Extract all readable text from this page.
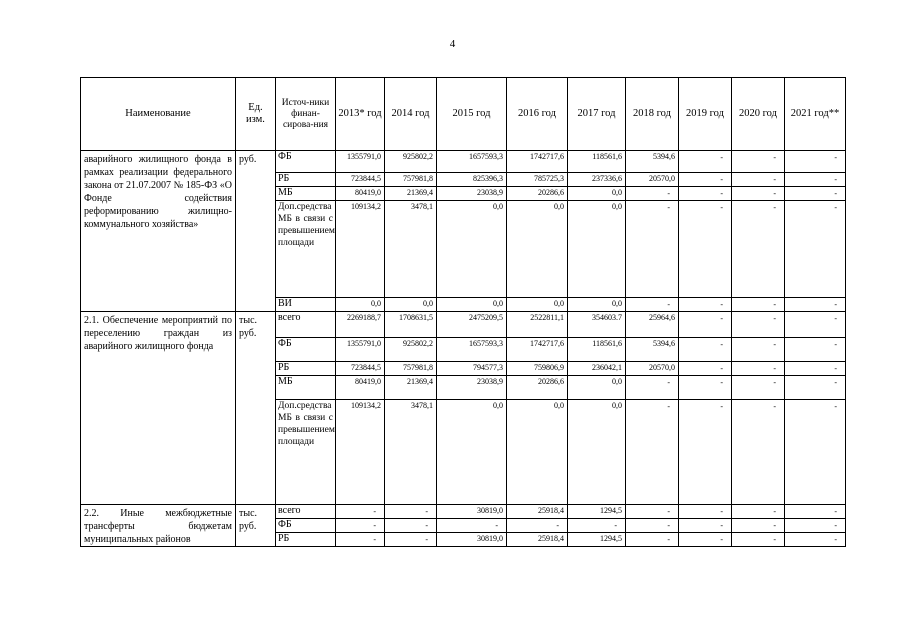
4
Наименование	Ед. изм.	Источ-ники финан-сирова-ния	2013* год	2014 год	2015 год	2016 год	2017 год	2018 год	2019 год	2020 год	2021 год**
аварийного жилищного фонда в рамках реализации федерального закона от 21.07.2007 № 185-ФЗ «О Фонде содействия реформированию жилищно-коммунального хозяйства»	руб.	ФБ	1355791,0	925802,2	1657593,3	1742717,6	118561,6	5394,6	-	-	-
		РБ	723844,5	757981,8	825396,3	785725,3	237336,6	20570,0	-	-	-
		МБ	80419,0	21369,4	23038,9	20286,6	0,0	-	-	-	-
		Доп.средства МБ в связи с превышением площади	109134,2	3478,1	0,0	0,0	0,0	-	-	-	-
		ВИ	0,0	0,0	0,0	0,0	0,0	-	-	-	-
2.1. Обеспечение мероприятий по переселению граждан из аварийного жилищного фонда	тыс. руб.	всего	2269188,7	1708631,5	2475209,5	2522811,1	354603.7	25964,6	-	-	-
		ФБ	1355791,0	925802,2	1657593,3	1742717,6	118561,6	5394,6	-	-	-
		РБ	723844,5	757981,8	794577,3	759806,9	236042,1	20570,0	-	-	-
		МБ	80419,0	21369,4	23038,9	20286,6	0,0	-	-	-	-
		Доп.средства МБ в связи с превышением площади	109134,2	3478,1	0,0	0,0	0,0	-	-	-	-
2.2. Иные межбюджетные трансферты бюджетам муниципальных районов	тыс. руб.	всего	-	-	30819,0	25918,4	1294,5	-	-	-	-
		ФБ	-	-	-	-	-	-	-	-	-
		РБ	-	-	30819,0	25918,4	1294,5	-	-	-	-
